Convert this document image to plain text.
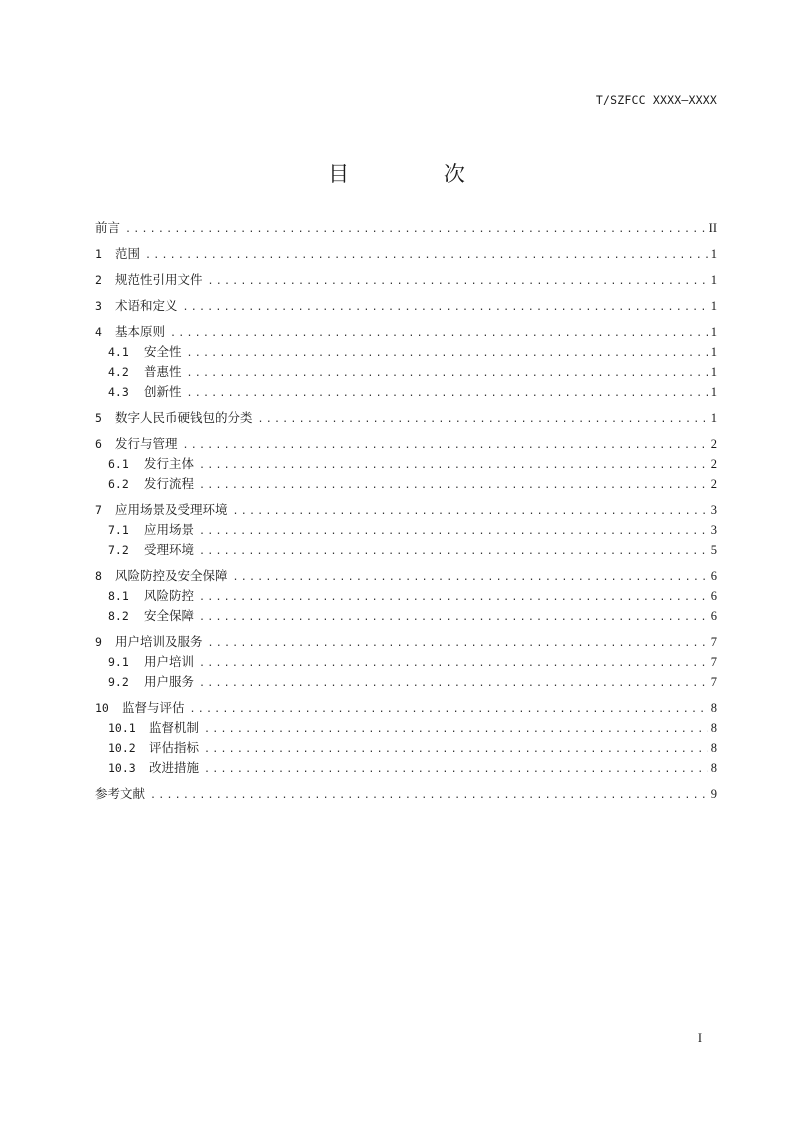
T/SZFCC XXXX—XXXX
目 次
前言 .....	II
1	范围 .....	1
2	规范性引用文件 .....	1
3	术语和定义 .....	1
4	基本原则 .....	1
4.1	安全性 .....	1
4.2	普惠性 .....	1
4.3	创新性 .....	1
5	数字人民币硬钱包的分类 .....	1
6	发行与管理 .....	2
6.1	发行主体 .....	2
6.2	发行流程 .....	2
7	应用场景及受理环境 .....	3
7.1	应用场景 .....	3
7.2	受理环境 .....	5
8	风险防控及安全保障 .....	6
8.1	风险防控 .....	6
8.2	安全保障 .....	6
9	用户培训及服务 .....	7
9.1	用户培训 .....	7
9.2	用户服务 .....	7
10	监督与评估 .....	8
10.1	监督机制 .....	8
10.2	评估指标 .....	8
10.3	改进措施 .....	8
参考文献 .....	9
I
